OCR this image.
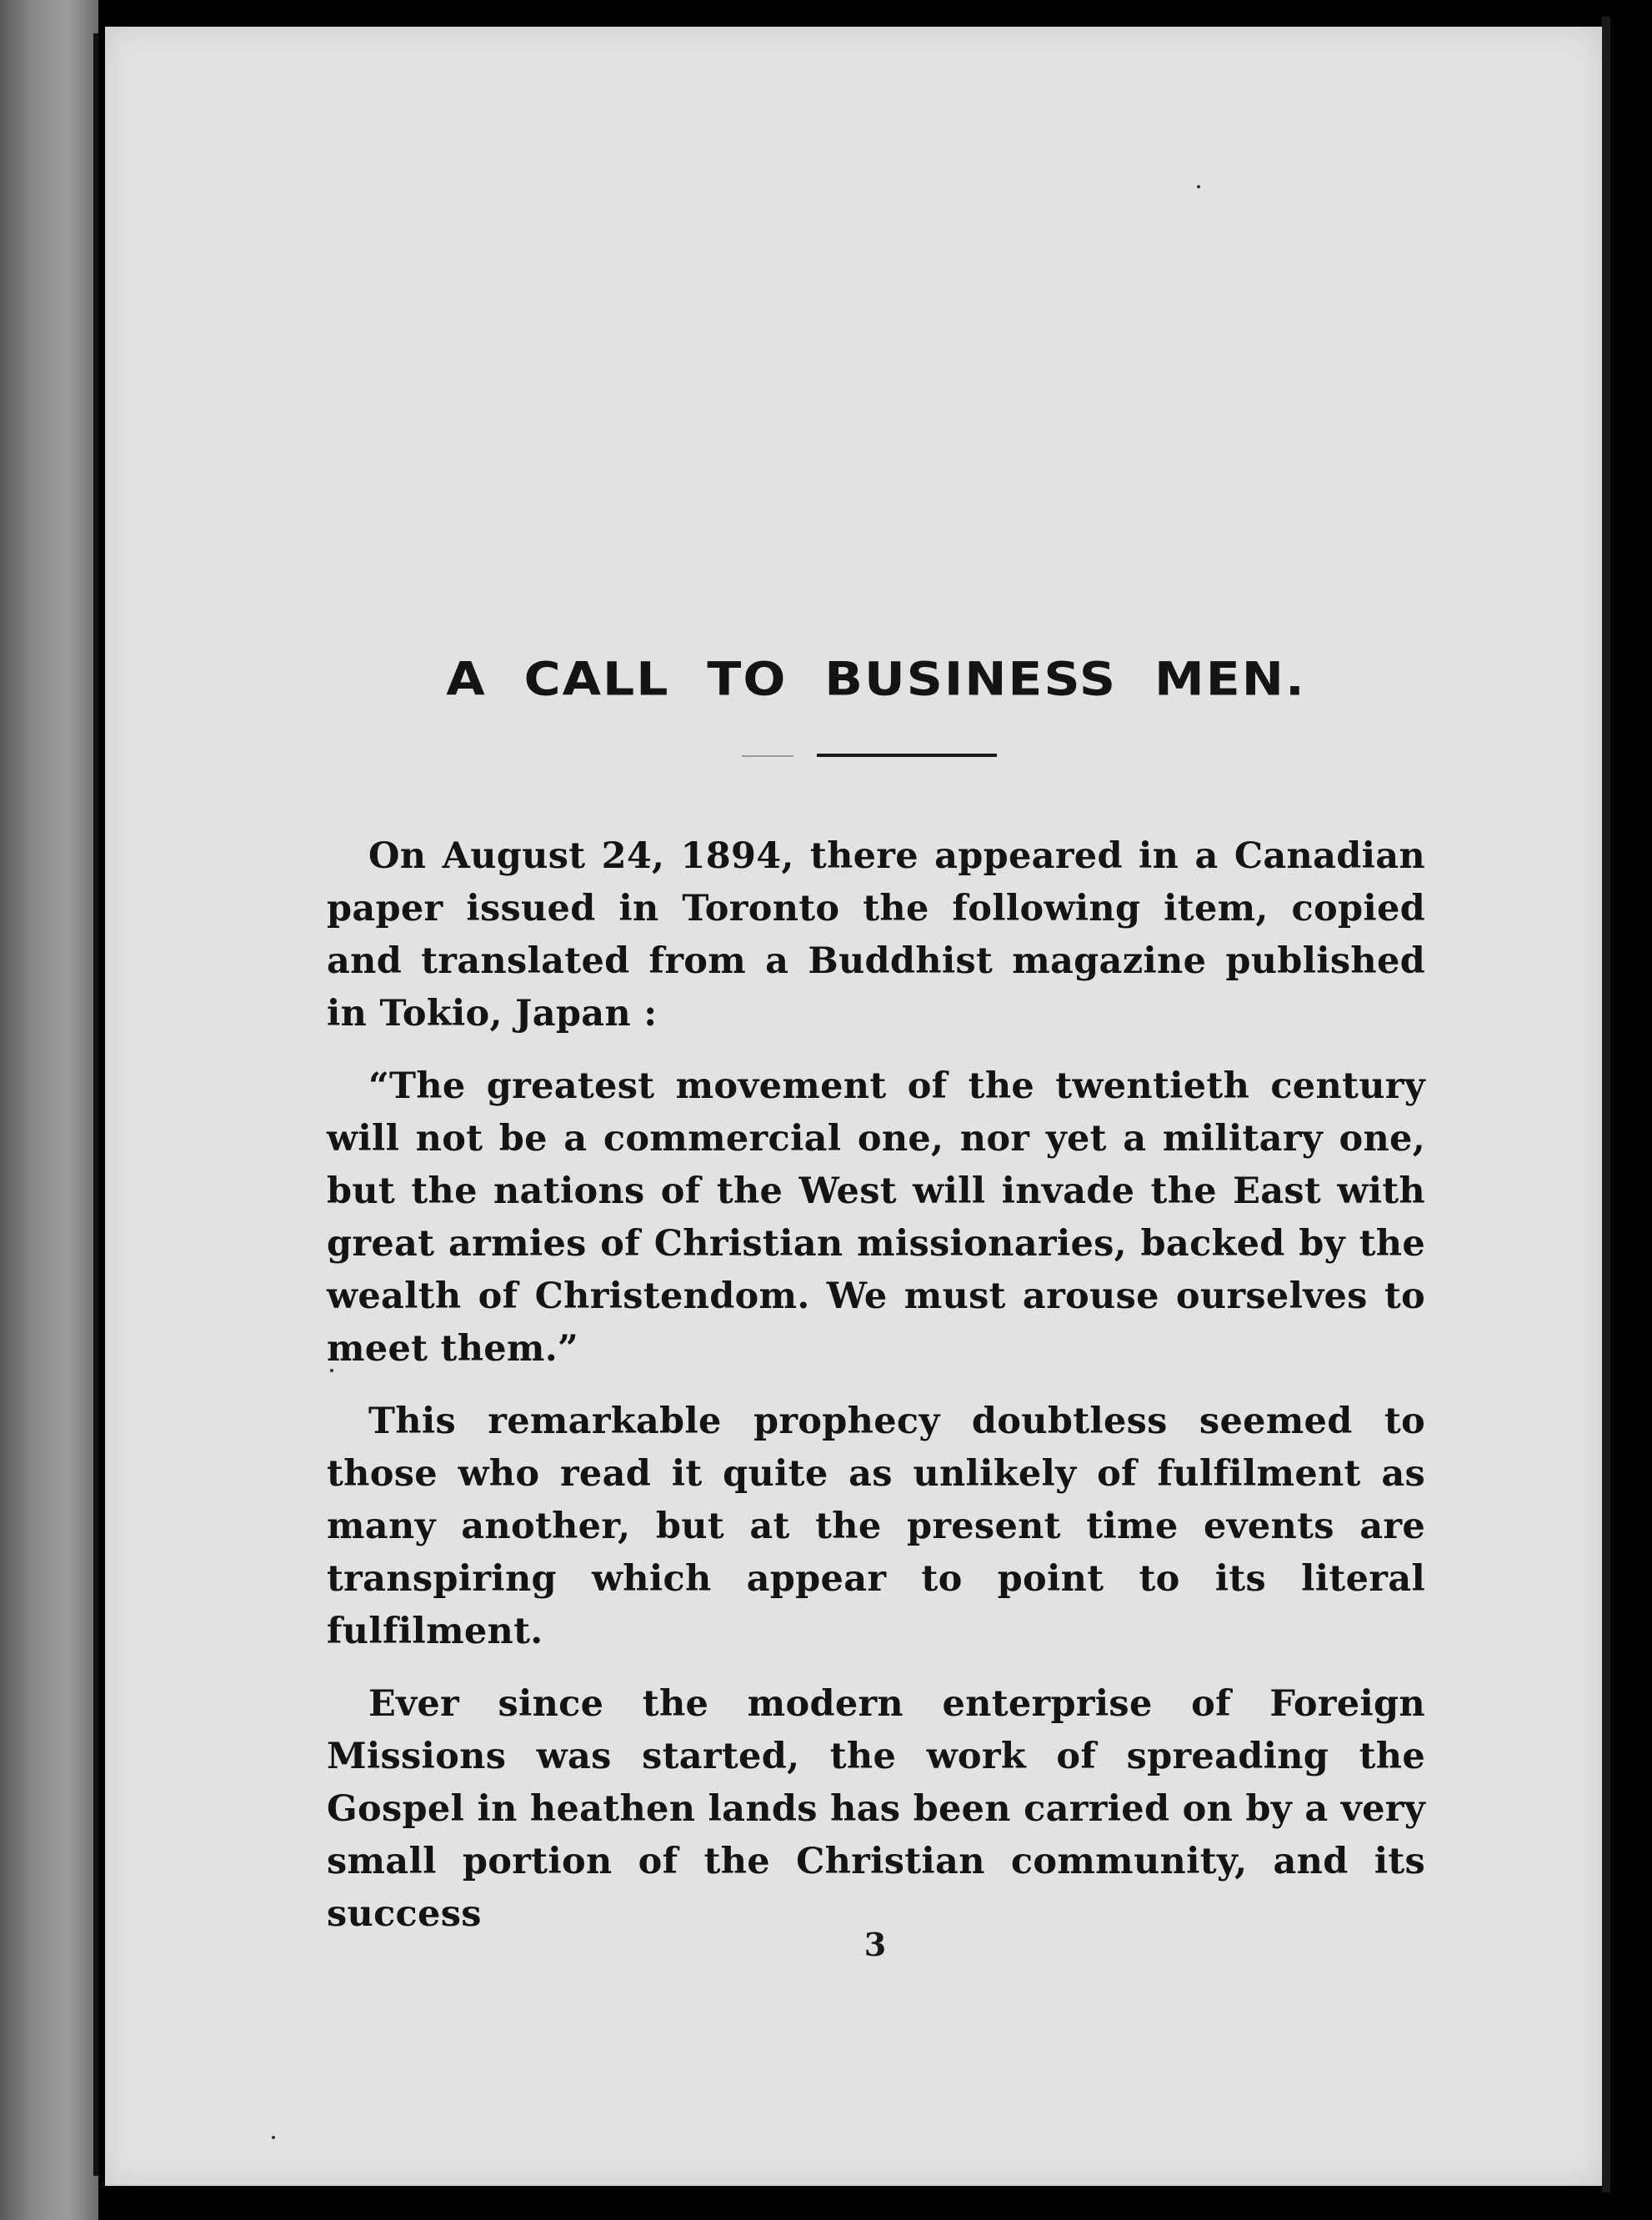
A CALL TO BUSINESS MEN.

On August 24, 1894, there appeared in a Canadian paper issued in Toronto the following item, copied and translated from a Buddhist magazine published in Tokio, Japan :

“The greatest movement of the twentieth century will not be a commercial one, nor yet a military one, but the nations of the West will invade the East with great armies of Christian missionaries, backed by the wealth of Christendom. We must arouse ourselves to meet them.”

This remarkable prophecy doubtless seemed to those who read it quite as unlikely of fulfilment as many another, but at the present time events are transpiring which appear to point to its literal fulfilment.

Ever since the modern enterprise of Foreign Missions was started, the work of spreading the Gospel in heathen lands has been carried on by a very small portion of the Christian community, and its success

3
